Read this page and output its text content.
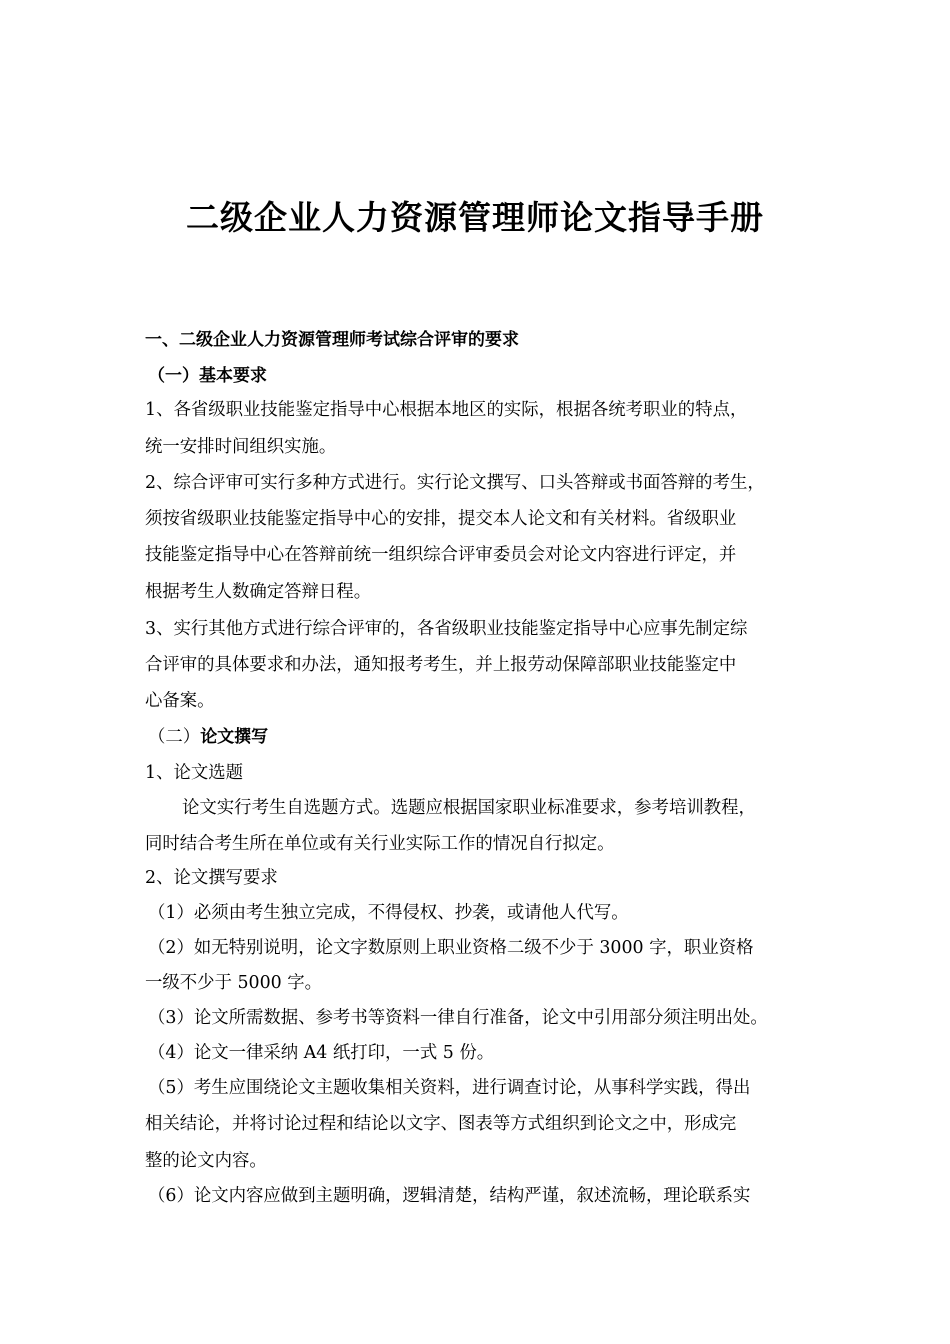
二级企业人力资源管理师论文指导手册
一、二级企业人力资源管理师考试综合评审的要求
（一）基本要求
1、各省级职业技能鉴定指导中心根据本地区的实际，根据各统考职业的特点，
统一安排时间组织实施。
2、综合评审可实行多种方式进行。实行论文撰写、口头答辩或书面答辩的考生，
须按省级职业技能鉴定指导中心的安排，提交本人论文和有关材料。省级职业
技能鉴定指导中心在答辩前统一组织综合评审委员会对论文内容进行评定，并
根据考生人数确定答辩日程。
3、实行其他方式进行综合评审的，各省级职业技能鉴定指导中心应事先制定综
合评审的具体要求和办法，通知报考考生，并上报劳动保障部职业技能鉴定中
心备案。
（二）论文撰写
1、论文选题
论文实行考生自选题方式。选题应根据国家职业标准要求，参考培训教程，
同时结合考生所在单位或有关行业实际工作的情况自行拟定。
2、论文撰写要求
（1）必须由考生独立完成，不得侵权、抄袭，或请他人代写。
（2）如无特别说明，论文字数原则上职业资格二级不少于 3000 字，职业资格
一级不少于 5000 字。
（3）论文所需数据、参考书等资料一律自行准备，论文中引用部分须注明出处。
（4）论文一律采纳 A4 纸打印，一式 5 份。
（5）考生应围绕论文主题收集相关资料，进行调查讨论，从事科学实践，得出
相关结论，并将讨论过程和结论以文字、图表等方式组织到论文之中，形成完
整的论文内容。
（6）论文内容应做到主题明确，逻辑清楚，结构严谨，叙述流畅，理论联系实
